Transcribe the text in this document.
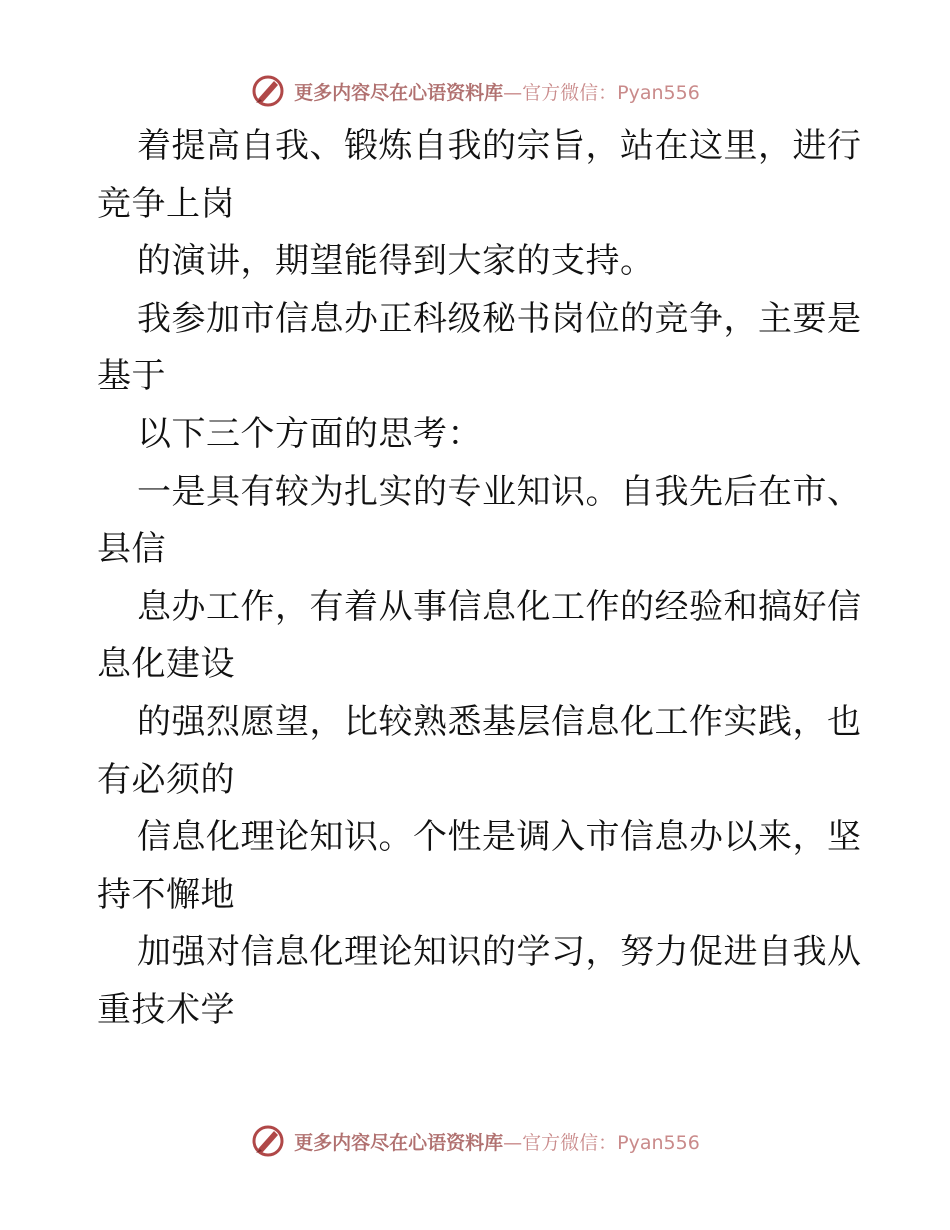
更多内容尽在心语资料库—官方微信：Pyan556
着提高自我、锻炼自我的宗旨，站在这里，进行
竞争上岗
的演讲，期望能得到大家的支持。
我参加市信息办正科级秘书岗位的竞争，主要是
基于
以下三个方面的思考：
一是具有较为扎实的专业知识。自我先后在市、
县信
息办工作，有着从事信息化工作的经验和搞好信
息化建设
的强烈愿望，比较熟悉基层信息化工作实践，也
有必须的
信息化理论知识。个性是调入市信息办以来，坚
持不懈地
加强对信息化理论知识的学习，努力促进自我从
重技术学
更多内容尽在心语资料库—官方微信：Pyan556
